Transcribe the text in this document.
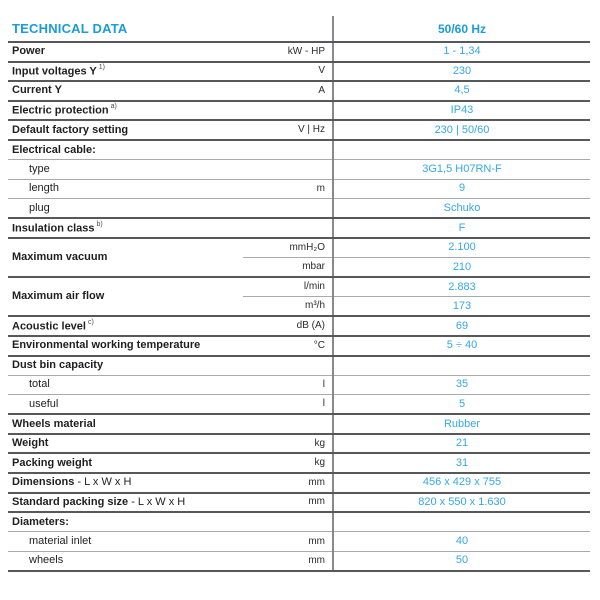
TECHNICAL DATA		50/60 Hz
Power	kW - HP	1 - 1,34
Input voltages Y $^{1)}$	V	230
Current Y	A	4,5
Electric protection $^{a)}$		IP43
Default factory setting	V | Hz	230 | 50/60
Electrical cable:		
type		3G1,5 H07RN-F
length	m	9
plug		Schuko
Insulation class $^{b)}$		F
Maximum vacuum	mmH₂O	2.100
	mbar	210
Maximum air flow	l/min	2.883
	m³/h	173
Acoustic level $^{c)}$	dB (A)	69
Environmental working temperature	°C	5 ÷ 40
Dust bin capacity		
total	l	35
useful	l	5
Wheels material		Rubber
Weight	kg	21
Packing weight	kg	31
Dimensions - L x W x H	mm	456 x 429 x 755
Standard packing size - L x W x H	mm	820 x 550 x 1.630
Diameters:		
material inlet	mm	40
wheels	mm	50
